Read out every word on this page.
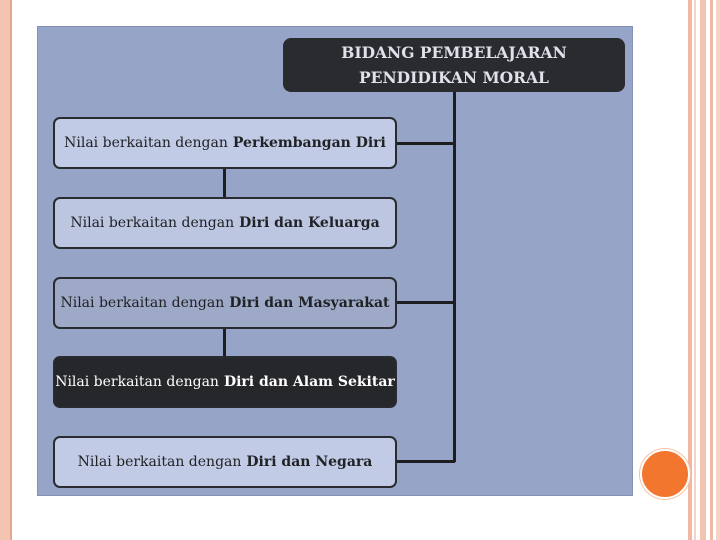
BIDANG PEMBELAJARAN
PENDIDIKAN MORAL
Nilai berkaitan dengan Perkembangan Diri
Nilai berkaitan dengan Diri dan Keluarga
Nilai berkaitan dengan Diri dan Masyarakat
Nilai berkaitan dengan Diri dan Alam Sekitar
Nilai berkaitan dengan Diri dan Negara
